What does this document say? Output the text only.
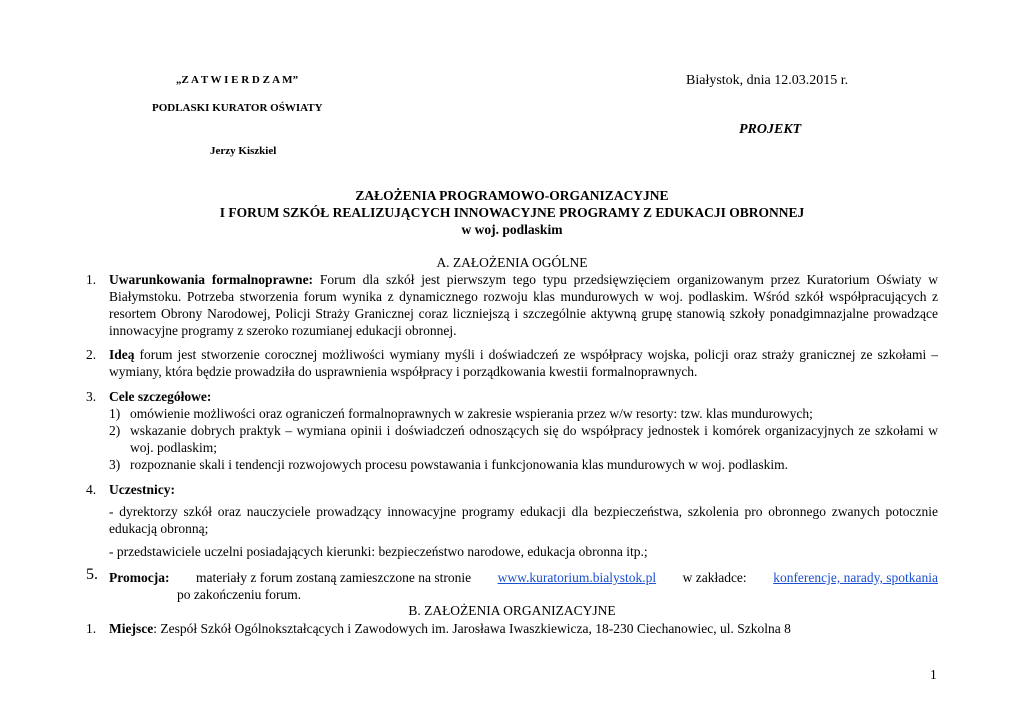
„Z A T W I E R D Z A M”
PODLASKI KURATOR OŚWIATY
Jerzy Kiszkiel
Białystok, dnia 12.03.2015 r.
PROJEKT
ZAŁOŻENIA PROGRAMOWO-ORGANIZACYJNE
I FORUM SZKÓŁ REALIZUJĄCYCH INNOWACYJNE PROGRAMY Z EDUKACJI OBRONNEJ
w woj. podlaskim
A. ZAŁOŻENIA OGÓLNE
1. Uwarunkowania formalnoprawne: Forum dla szkół jest pierwszym tego typu przedsięwzięciem organizowanym przez Kuratorium Oświaty w Białymstoku. Potrzeba stworzenia forum wynika z dynamicznego rozwoju klas mundurowych w woj. podlaskim. Wśród szkół współpracujących z resortem Obrony Narodowej, Policji Straży Granicznej coraz liczniejszą i szczególnie aktywną grupę stanowią szkoły ponadgimnazjalne prowadzące innowacyjne programy z szeroko rozumianej edukacji obronnej.
2. Ideą forum jest stworzenie corocznej możliwości wymiany myśli i doświadczeń ze współpracy wojska, policji oraz straży granicznej ze szkołami – wymiany, która będzie prowadziła do usprawnienia współpracy i porządkowania kwestii formalnoprawnych.
3. Cele szczegółowe:
1) omówienie możliwości oraz ograniczeń formalnoprawnych w zakresie wspierania przez w/w resorty: tzw. klas mundurowych;
2) wskazanie dobrych praktyk – wymiana opinii i doświadczeń odnoszących się do współpracy jednostek i komórek organizacyjnych ze szkołami w woj. podlaskim;
3) rozpoznanie skali i tendencji rozwojowych procesu powstawania i funkcjonowania klas mundurowych w woj. podlaskim.
4. Uczestnicy:
- dyrektorzy szkół oraz nauczyciele prowadzący innowacyjne programy edukacji dla bezpieczeństwa, szkolenia pro obronnego zwanych potocznie edukacją obronną;
- przedstawiciele uczelni posiadających kierunki: bezpieczeństwo narodowe, edukacja obronna itp.;
5. Promocja: materiały z forum zostaną zamieszczone na stronie www.kuratorium.bialystok.pl w zakładce: konferencje, narady, spotkania
po zakończeniu forum.
B. ZAŁOŻENIA ORGANIZACYJNE
1. Miejsce: Zespół Szkół Ogólnokształcących i Zawodowych im. Jarosława Iwaszkiewicza, 18-230 Ciechanowiec, ul. Szkolna 8
1
